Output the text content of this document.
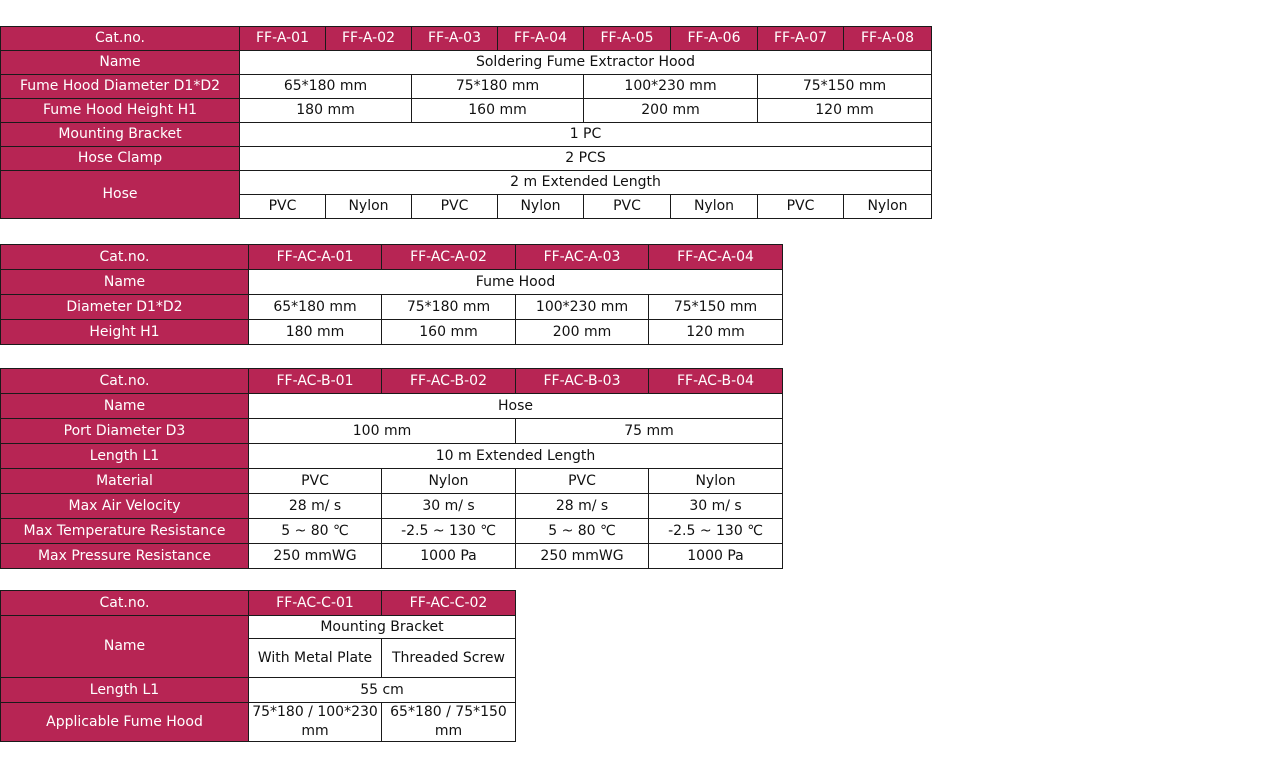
Cat.no.	FF-A-01	FF-A-02	FF-A-03	FF-A-04	FF-A-05	FF-A-06	FF-A-07	FF-A-08
Name	Soldering Fume Extractor Hood							
Fume Hood Diameter D1*D2	65*180 mm		75*180 mm		100*230 mm		75*150 mm	
Fume Hood Height H1	180 mm		160 mm		200 mm		120 mm	
Mounting Bracket	1 PC							
Hose Clamp	2 PCS							
Hose	2 m Extended Length							
	PVC	Nylon	PVC	Nylon	PVC	Nylon	PVC	Nylon
Cat.no.	FF-AC-A-01	FF-AC-A-02	FF-AC-A-03	FF-AC-A-04
Name	Fume Hood			
Diameter D1*D2	65*180 mm	75*180 mm	100*230 mm	75*150 mm
Height H1	180 mm	160 mm	200 mm	120 mm
Cat.no.	FF-AC-B-01	FF-AC-B-02	FF-AC-B-03	FF-AC-B-04
Name	Hose			
Port Diameter D3	100 mm		75 mm	
Length L1	10 m Extended Length			
Material	PVC	Nylon	PVC	Nylon
Max Air Velocity	28 m/ s	30 m/ s	28 m/ s	30 m/ s
Max Temperature Resistance	5 ~ 80 ℃	-2.5 ~ 130 ℃	5 ~ 80 ℃	-2.5 ~ 130 ℃
Max Pressure Resistance	250 mmWG	1000 Pa	250 mmWG	1000 Pa
Cat.no.	FF-AC-C-01	FF-AC-C-02
Name	Mounting Bracket	
	With Metal Plate	Threaded Screw
Length L1	55 cm	
Applicable Fume Hood	75*180 / 100*230 mm	65*180 / 75*150 mm
